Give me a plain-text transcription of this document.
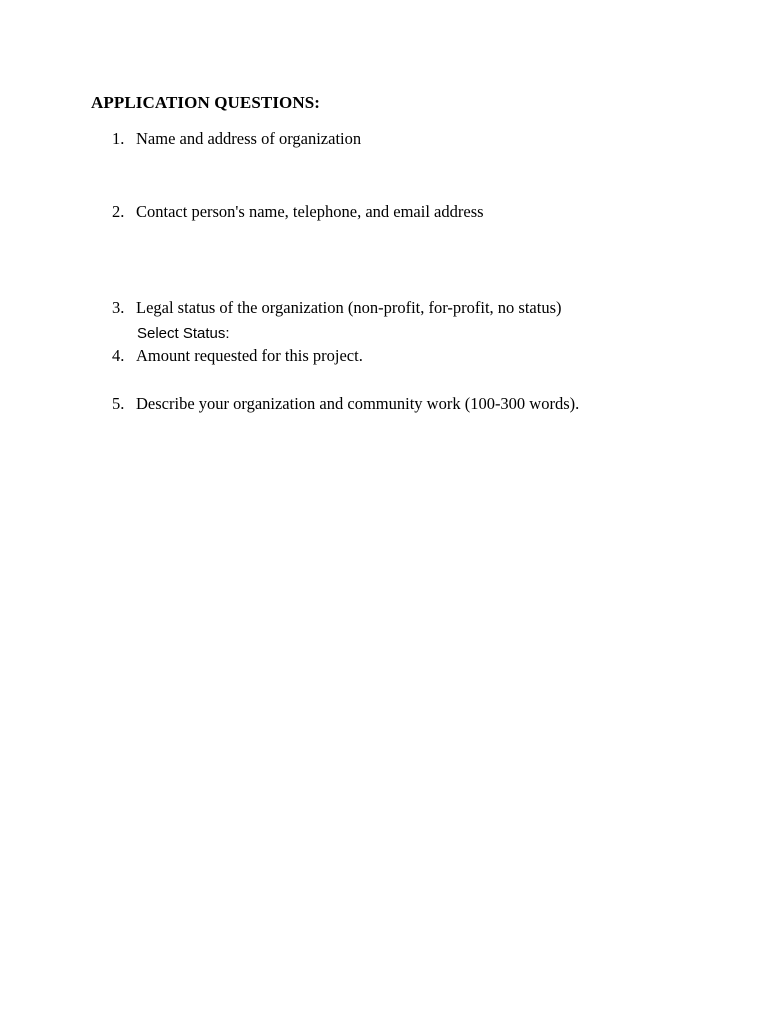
APPLICATION QUESTIONS:
1. Name and address of organization
2. Contact person's name, telephone, and email address
3. Legal status of the organization (non-profit, for-profit, no status)
Select Status:
4. Amount requested for this project.
5. Describe your organization and community work (100-300 words).
